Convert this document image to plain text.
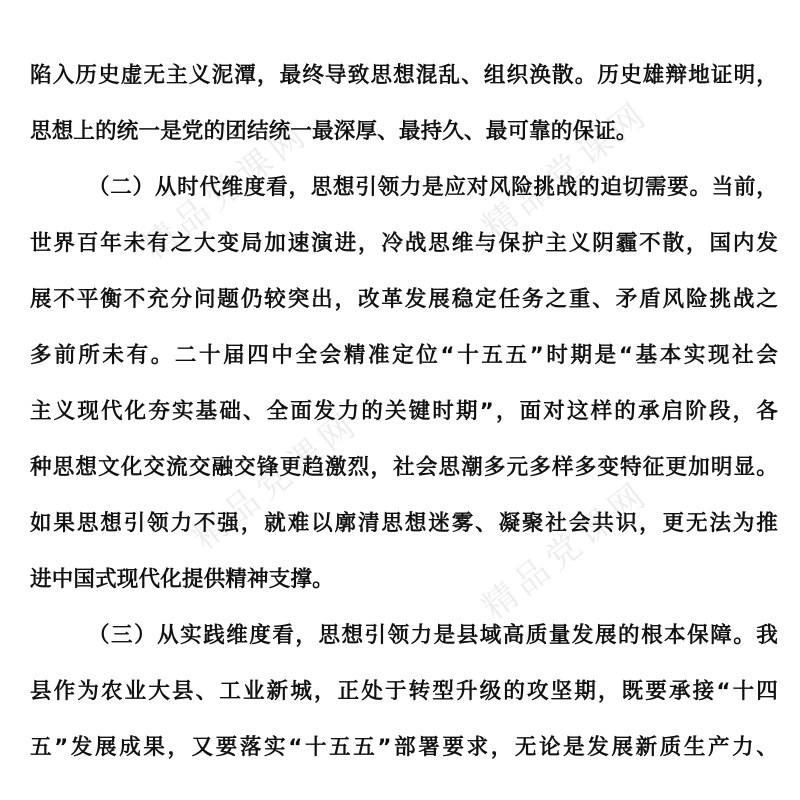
精品党课网	精品党课网
精品党课网	精品党课网
陷入历史虚无主义泥潭，最终导致思想混乱、组织涣散。历史雄辩地证明，
思想上的统一是党的团结统一最深厚、最持久、最可靠的保证。
（二）从时代维度看，思想引领力是应对风险挑战的迫切需要。当前，
世界百年未有之大变局加速演进，冷战思维与保护主义阴霾不散，国内发
展不平衡不充分问题仍较突出，改革发展稳定任务之重、矛盾风险挑战之
多前所未有。二十届四中全会精准定位“十五五”时期是“基本实现社会
主义现代化夯实基础、全面发力的关键时期”，面对这样的承启阶段，各
种思想文化交流交融交锋更趋激烈，社会思潮多元多样多变特征更加明显。
如果思想引领力不强，就难以廓清思想迷雾、凝聚社会共识，更无法为推
进中国式现代化提供精神支撑。
（三）从实践维度看，思想引领力是县域高质量发展的根本保障。我
县作为农业大县、工业新城，正处于转型升级的攻坚期，既要承接“十四
五”发展成果，又要落实“十五五”部署要求，无论是发展新质生产力、
